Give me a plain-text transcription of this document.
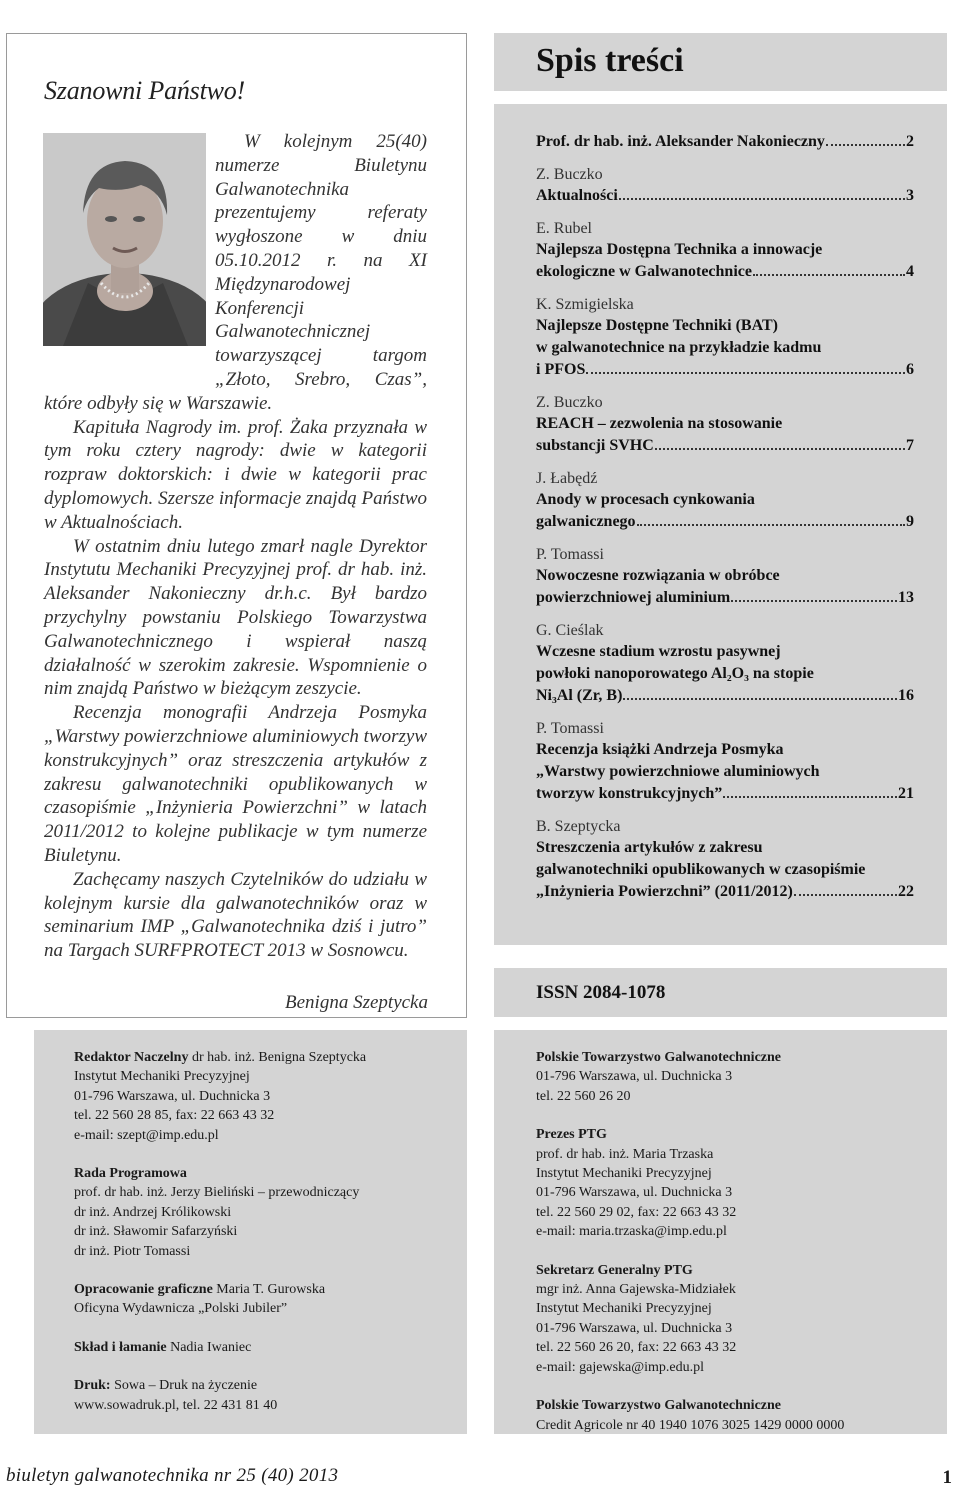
Szanowni Państwo!

W kolejnym 25(40) numerze Biuletynu Galwanotechnika prezentujemy referaty wygłoszone w dniu 05.10.2012 r. na XI Międzynarodowej Konferencji Galwanotechnicznej towarzyszącej targom „Złoto, Srebro, Czas”, które odbyły się w Warszawie.

Kapituła Nagrody im. prof. Żaka przyznała w tym roku cztery nagrody: dwie w kategorii rozpraw doktorskich: i dwie w kategorii prac dyplomowych. Szersze informacje znajdą Państwo w Aktualnościach.

W ostatnim dniu lutego zmarł nagle Dyrektor Instytutu Mechaniki Precyzyjnej prof. dr hab. inż. Aleksander Nakonieczny dr.h.c. Był bardzo przychylny powstaniu Polskiego Towarzystwa Galwanotechnicznego i wspierał naszą działalność w szerokim zakresie. Wspomnienie o nim znajdą Państwo w bieżącym zeszycie.

Recenzja monografii Andrzeja Posmyka „Warstwy powierzchniowe aluminiowych tworzyw konstrukcyjnych” oraz streszczenia artykułów z zakresu galwanotechniki opublikowanych w czasopiśmie „Inżynieria Powierzchni” w latach 2011/2012 to kolejne publikacje w tym numerze Biuletynu.

Zachęcamy naszych Czytelników do udziału w kolejnym kursie dla galwanotechników oraz w seminarium IMP „Galwanotechnika dziś i jutro” na Targach SURFPROTECT 2013 w Sosnowcu.

Benigna Szeptycka
Spis treści
Prof. dr hab. inż. Aleksander Nakonieczny	2
Z. Buczko
Aktualności	3
E. Rubel
Najlepsza Dostępna Technika a innowacje
ekologiczne w Galwanotechnice	4
K. Szmigielska
Najlepsze Dostępne Techniki (BAT)
w galwanotechnice na przykładzie kadmu
i PFOS	6
Z. Buczko
REACH – zezwolenia na stosowanie
substancji SVHC	7
J. Łabędź
Anody w procesach cynkowania
galwanicznego	9
P. Tomassi
Nowoczesne rozwiązania w obróbce
powierzchniowej aluminium	13
G. Cieślak
Wczesne stadium wzrostu pasywnej
powłoki nanoporowatego Al₂O₃ na stopie
Ni₃Al (Zr, B)	16
P. Tomassi
Recenzja książki Andrzeja Posmyka
„Warstwy powierzchniowe aluminiowych
tworzyw konstrukcyjnych”	21
B. Szeptycka
Streszczenia artykułów z zakresu
galwanotechniki opublikowanych w czasopiśmie
„Inżynieria Powierzchni” (2011/2012)	22
ISSN 2084-1078
Redaktor Naczelny dr hab. inż. Benigna Szeptycka
Instytut Mechaniki Precyzyjnej
01-796 Warszawa, ul. Duchnicka 3
tel. 22 560 28 85, fax: 22 663 43 32
e-mail: szept@imp.edu.pl
Rada Programowa
prof. dr hab. inż. Jerzy Bieliński – przewodniczący
dr inż. Andrzej Królikowski
dr inż. Sławomir Safarzyński
dr inż. Piotr Tomassi
Opracowanie graficzne Maria T. Gurowska
Oficyna Wydawnicza „Polski Jubiler”
Skład i łamanie Nadia Iwaniec
Druk: Sowa – Druk na życzenie
www.sowadruk.pl, tel. 22 431 81 40
Polskie Towarzystwo Galwanotechniczne
01-796 Warszawa, ul. Duchnicka 3
tel. 22 560 26 20
Prezes PTG
prof. dr hab. inż. Maria Trzaska
Instytut Mechaniki Precyzyjnej
01-796 Warszawa, ul. Duchnicka 3
tel. 22 560 29 02, fax: 22 663 43 32
e-mail: maria.trzaska@imp.edu.pl
Sekretarz Generalny PTG
mgr inż. Anna Gajewska-Midziałek
Instytut Mechaniki Precyzyjnej
01-796 Warszawa, ul. Duchnicka 3
tel. 22 560 26 20, fax: 22 663 43 32
e-mail: gajewska@imp.edu.pl
Polskie Towarzystwo Galwanotechniczne
Credit Agricole nr 40 1940 1076 3025 1429 0000 0000
biuletyn galwanotechnika nr 25 (40) 2013	1
